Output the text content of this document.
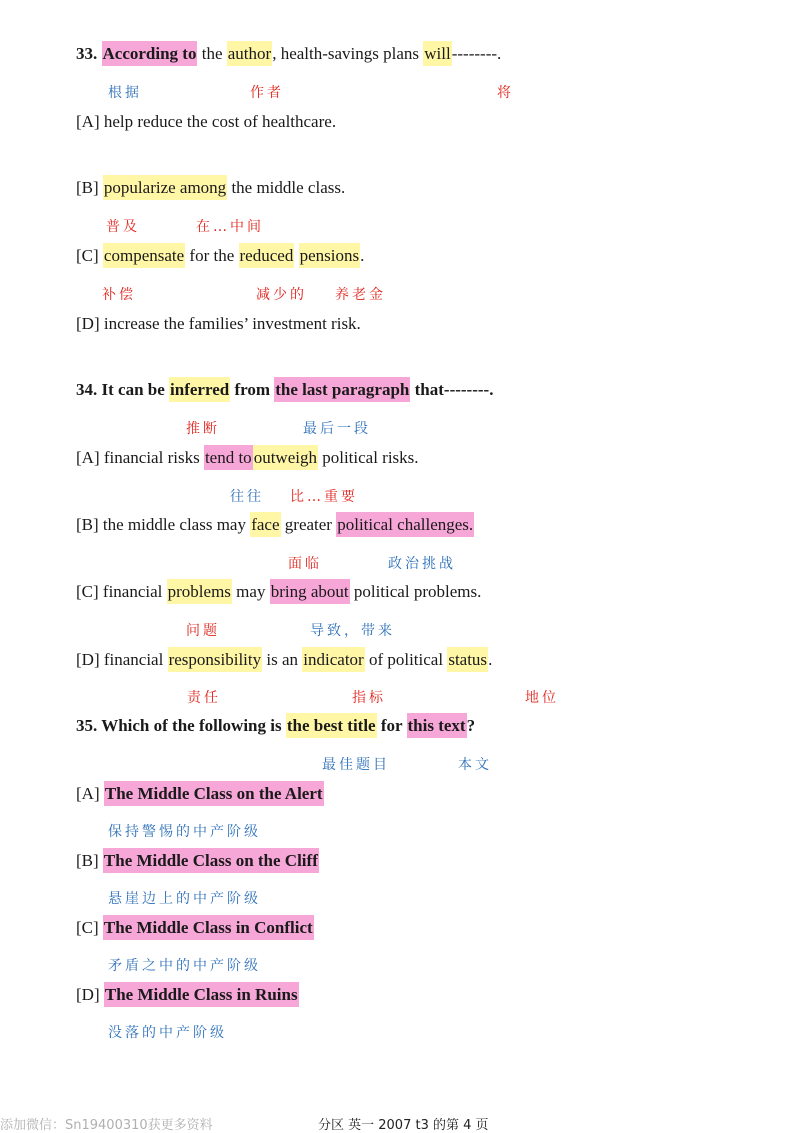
33. According to the author, health-savings plans will--------.
根据	作者	将
[A] help reduce the cost of healthcare.
[B] popularize among the middle class.
普及	在…中间
[C] compensate for the reduced pensions.
补偿	减少的 养老金
[D] increase the families’ investment risk.
34. It can be inferred from the last paragraph that--------.
推断	最后一段
[A] financial risks tend to outweigh political risks.
往往 比…重要
[B] the middle class may face greater political challenges.
面临	政治挑战
[C] financial problems may bring about political problems.
问题	导致，带来
[D] financial responsibility is an indicator of political status.
责任	指标	地位
35. Which of the following is the best title for this text?
最佳题目	本文
[A] The Middle Class on the Alert
保持警惕的中产阶级
[B] The Middle Class on the Cliff
悬崖边上的中产阶级
[C] The Middle Class in Conflict
矛盾之中的中产阶级
[D] The Middle Class in Ruins
没落的中产阶级
添加微信：Sn19400310获更多资料	分区 英一 2007 t3 的第 4 页
